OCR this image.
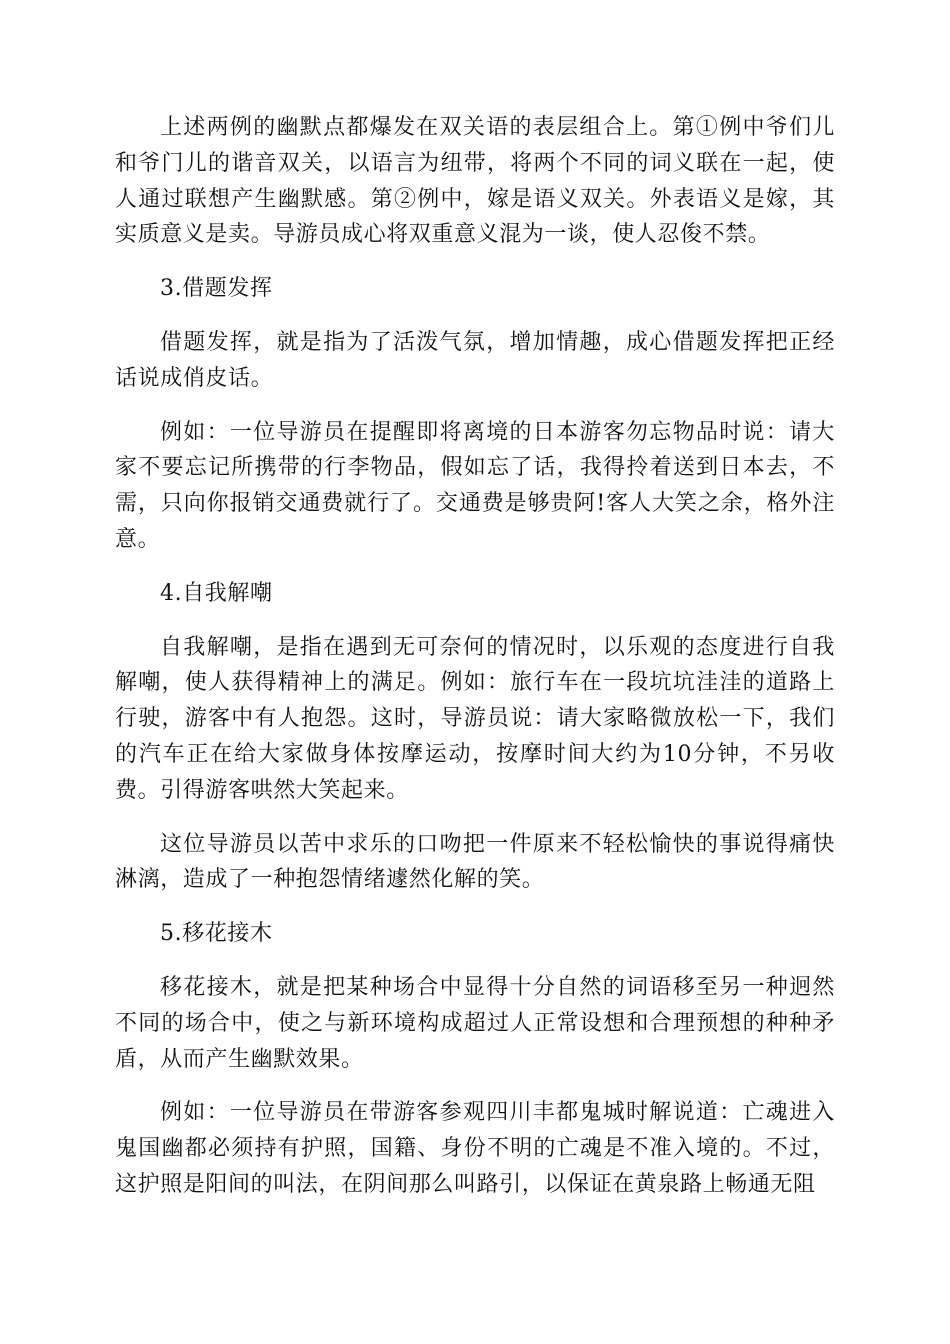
上述两例的幽默点都爆发在双关语的表层组合上。第①例中爷们儿和爷门儿的谐音双关，以语言为纽带，将两个不同的词义联在一起，使人通过联想产生幽默感。第②例中，嫁是语义双关。外表语义是嫁，其实质意义是卖。导游员成心将双重意义混为一谈，使人忍俊不禁。

3.借题发挥

借题发挥，就是指为了活泼气氛，增加情趣，成心借题发挥把正经话说成俏皮话。

例如：一位导游员在提醒即将离境的日本游客勿忘物品时说：请大家不要忘记所携带的行李物品，假如忘了话，我得拎着送到日本去，不需，只向你报销交通费就行了。交通费是够贵阿!客人大笑之余，格外注意。

4.自我解嘲

自我解嘲，是指在遇到无可奈何的情况时，以乐观的态度进行自我解嘲，使人获得精神上的满足。例如：旅行车在一段坑坑洼洼的道路上行驶，游客中有人抱怨。这时，导游员说：请大家略微放松一下，我们的汽车正在给大家做身体按摩运动，按摩时间大约为10分钟，不另收费。引得游客哄然大笑起来。

这位导游员以苦中求乐的口吻把一件原来不轻松愉快的事说得痛快淋漓，造成了一种抱怨情绪遽然化解的笑。

5.移花接木

移花接木，就是把某种场合中显得十分自然的词语移至另一种迥然不同的场合中，使之与新环境构成超过人正常设想和合理预想的种种矛盾，从而产生幽默效果。

例如：一位导游员在带游客参观四川丰都鬼城时解说道：亡魂进入鬼国幽都必须持有护照，国籍、身份不明的亡魂是不准入境的。不过，这护照是阳间的叫法，在阴间那么叫路引，以保证在黄泉路上畅通无阻
